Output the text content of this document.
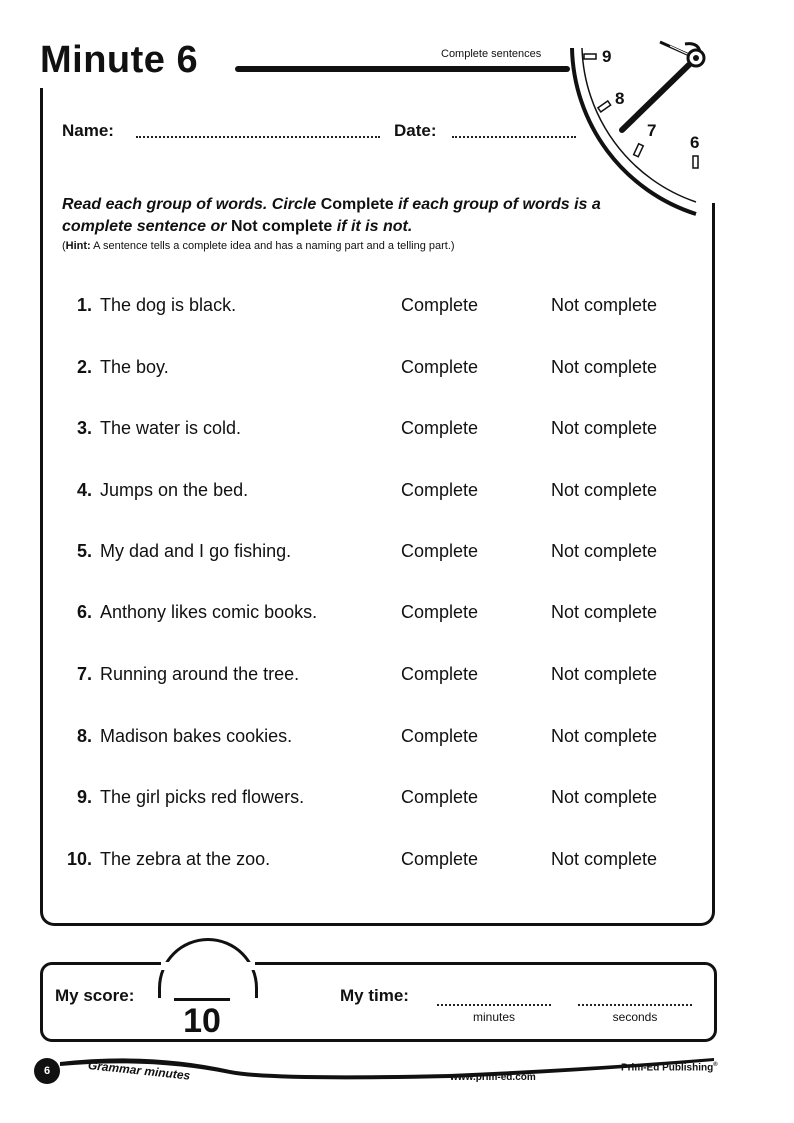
Minute 6	Complete sentences	9
8
7
6
Name:	Date:
Read each group of words. Circle Complete if each group of words is a complete sentence or Not complete if it is not.
(Hint: A sentence tells a complete idea and has a naming part and a telling part.)
1. The dog is black.	Complete	Not complete
2. The boy.	Complete	Not complete
3. The water is cold.	Complete	Not complete
4. Jumps on the bed.	Complete	Not complete
5. My dad and I go fishing.	Complete	Not complete
6. Anthony likes comic books.	Complete	Not complete
7. Running around the tree.	Complete	Not complete
8. Madison bakes cookies.	Complete	Not complete
9. The girl picks red flowers.	Complete	Not complete
10. The zebra at the zoo.	Complete	Not complete
My score:
10
My time:
minutes	seconds
6	Grammar minutes	www.prim-ed.com
Prim-Ed Publishing®
